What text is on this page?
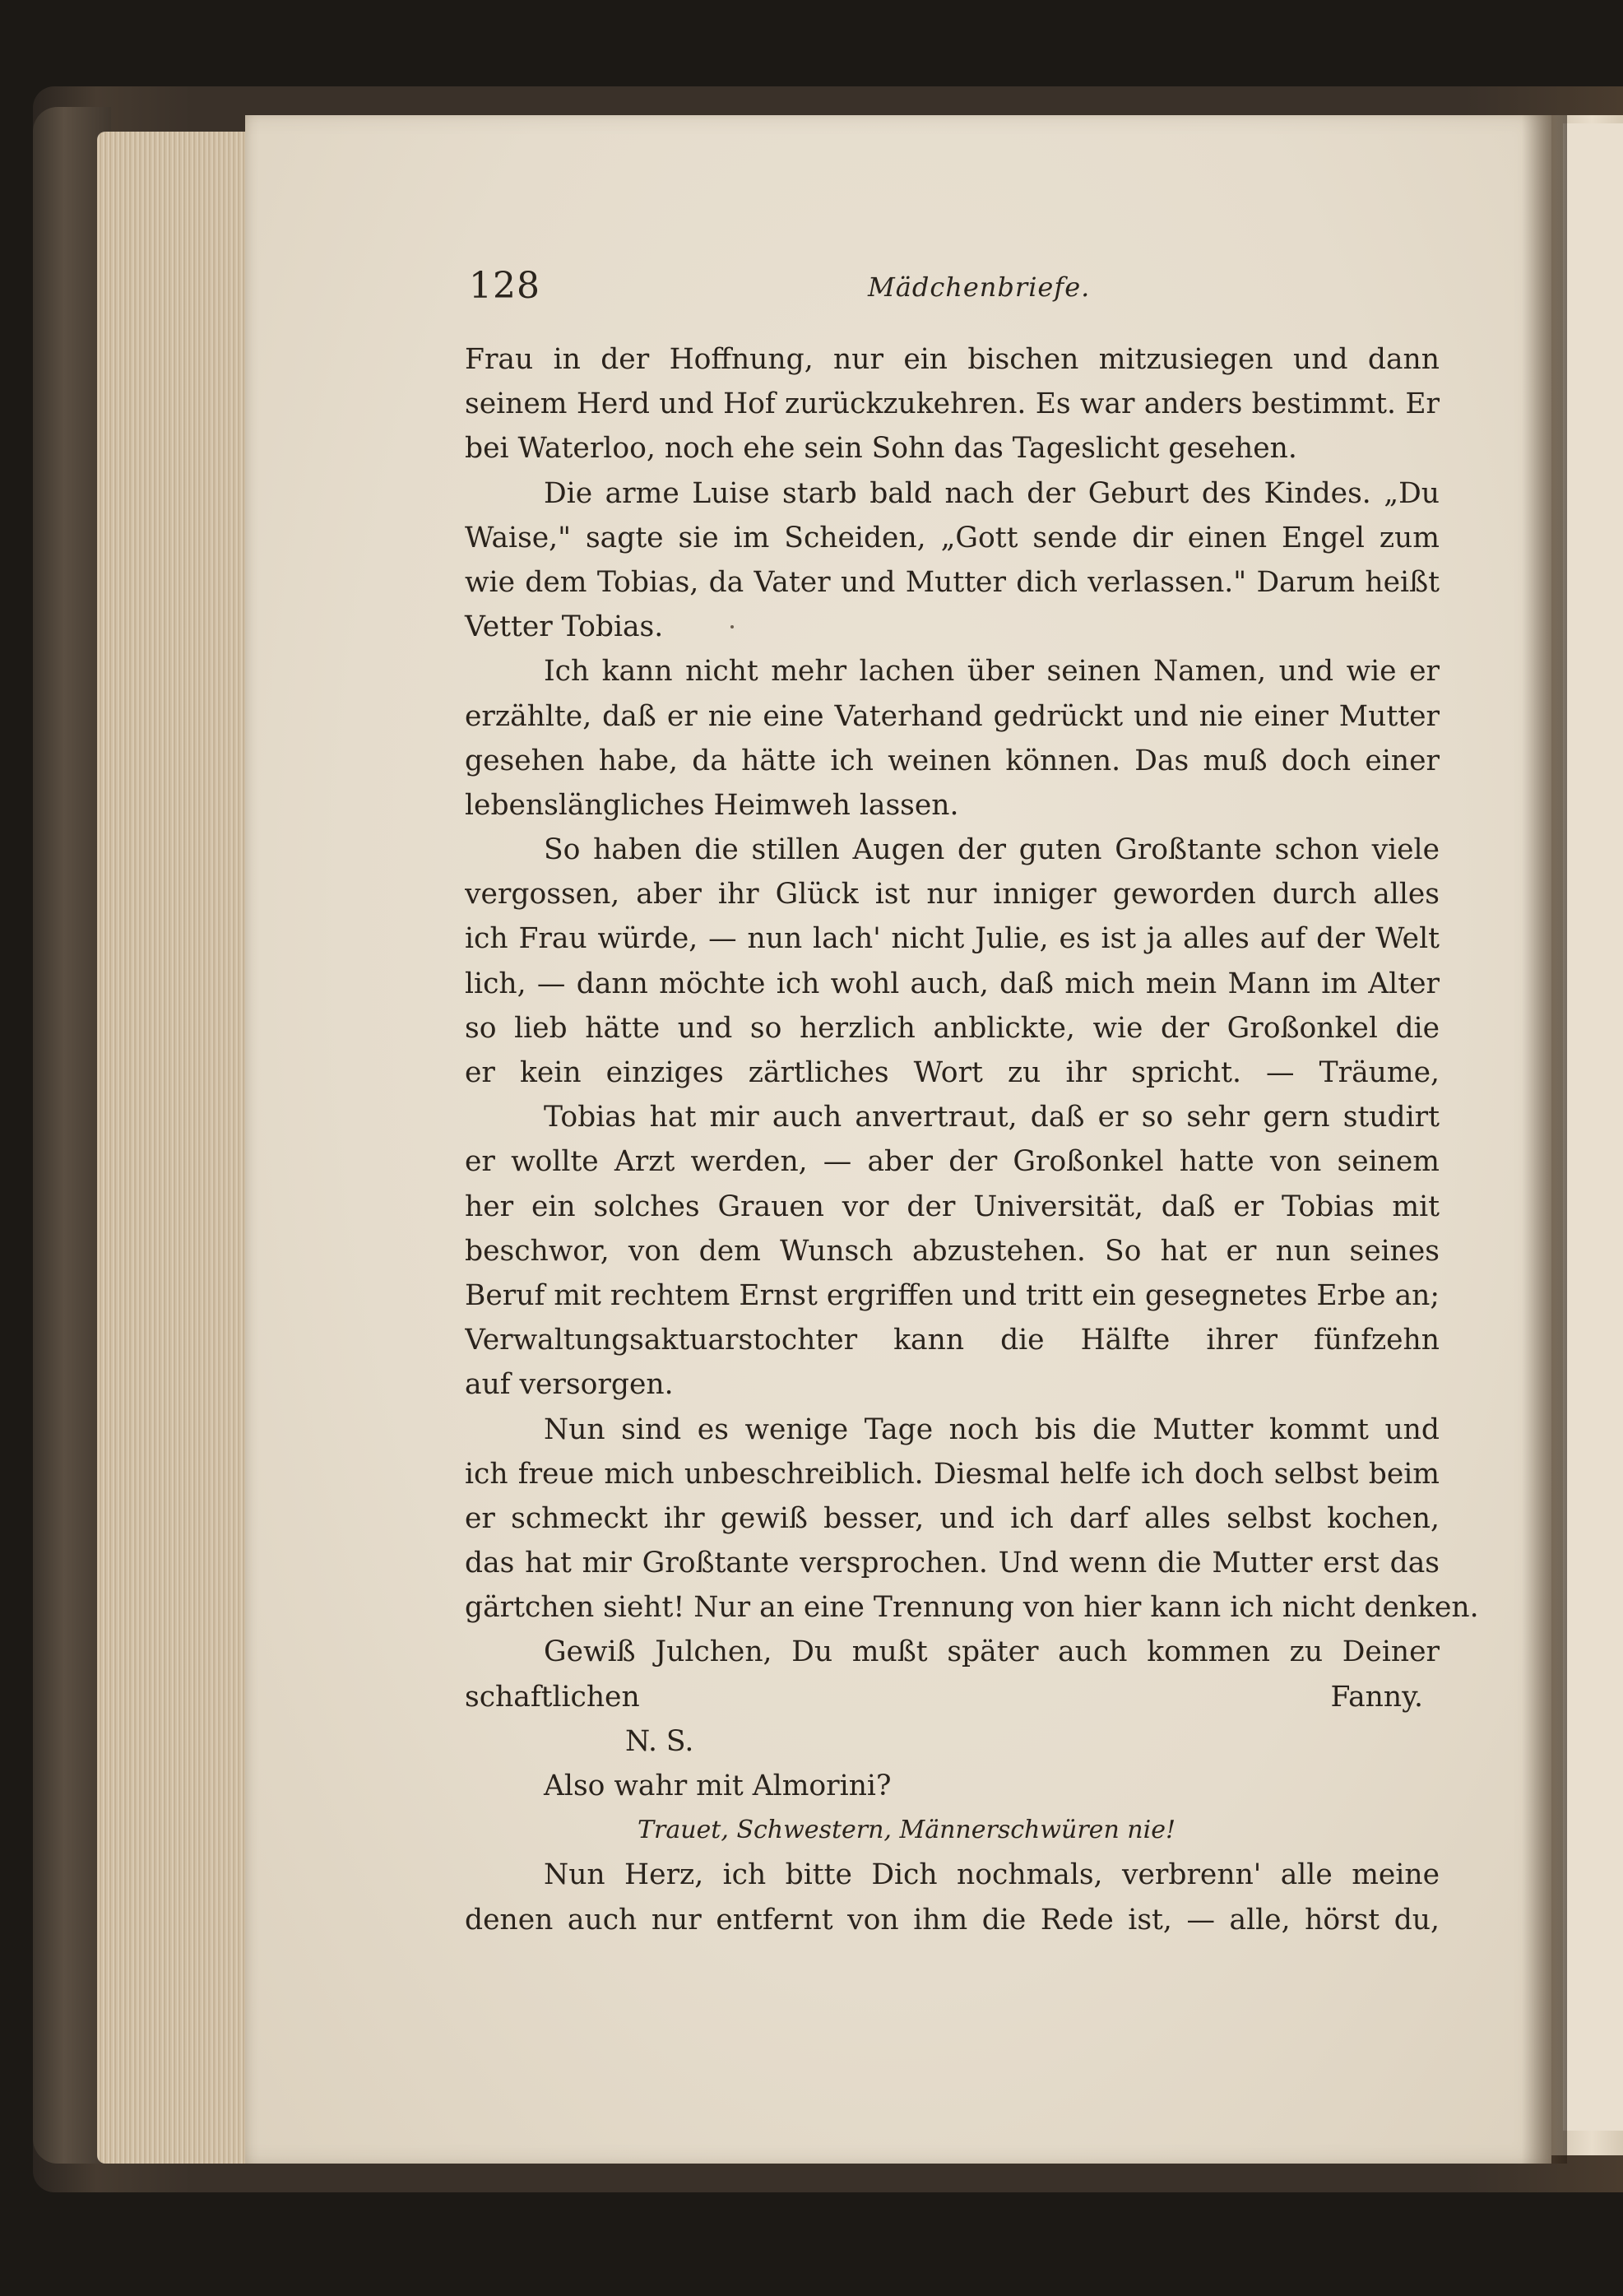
128	Mädchenbriefe.
Frau in der Hoffnung, nur ein bischen mitzusiegen und dann
seinem Herd und Hof zurückzukehren. Es war anders bestimmt. Er
bei Waterloo, noch ehe sein Sohn das Tageslicht gesehen.
Die arme Luise starb bald nach der Geburt des Kindes. „Du
Waise," sagte sie im Scheiden, „Gott sende dir einen Engel zum
wie dem Tobias, da Vater und Mutter dich verlassen." Darum heißt
Vetter Tobias.
Ich kann nicht mehr lachen über seinen Namen, und wie er
erzählte, daß er nie eine Vaterhand gedrückt und nie einer Mutter
gesehen habe, da hätte ich weinen können. Das muß doch einer
lebenslängliches Heimweh lassen.
So haben die stillen Augen der guten Großtante schon viele
vergossen, aber ihr Glück ist nur inniger geworden durch alles
ich Frau würde, — nun lach' nicht Julie, es ist ja alles auf der Welt
lich, — dann möchte ich wohl auch, daß mich mein Mann im Alter
so lieb hätte und so herzlich anblickte, wie der Großonkel die
er kein einziges zärtliches Wort zu ihr spricht. — Träume,
Tobias hat mir auch anvertraut, daß er so sehr gern studirt
er wollte Arzt werden, — aber der Großonkel hatte von seinem
her ein solches Grauen vor der Universität, daß er Tobias mit
beschwor, von dem Wunsch abzustehen. So hat er nun seines
Beruf mit rechtem Ernst ergriffen und tritt ein gesegnetes Erbe an;
Verwaltungsaktuarstochter kann die Hälfte ihrer fünfzehn
auf versorgen.
Nun sind es wenige Tage noch bis die Mutter kommt und
ich freue mich unbeschreiblich. Diesmal helfe ich doch selbst beim
er schmeckt ihr gewiß besser, und ich darf alles selbst kochen,
das hat mir Großtante versprochen. Und wenn die Mutter erst das
gärtchen sieht! Nur an eine Trennung von hier kann ich nicht denken.
Gewiß Julchen, Du mußt später auch kommen zu Deiner
schaftlichen	Fanny.
N. S.
Also wahr mit Almorini?
Trauet, Schwestern, Männerschwüren nie!
Nun Herz, ich bitte Dich nochmals, verbrenn' alle meine
denen auch nur entfernt von ihm die Rede ist, — alle, hörst du,
